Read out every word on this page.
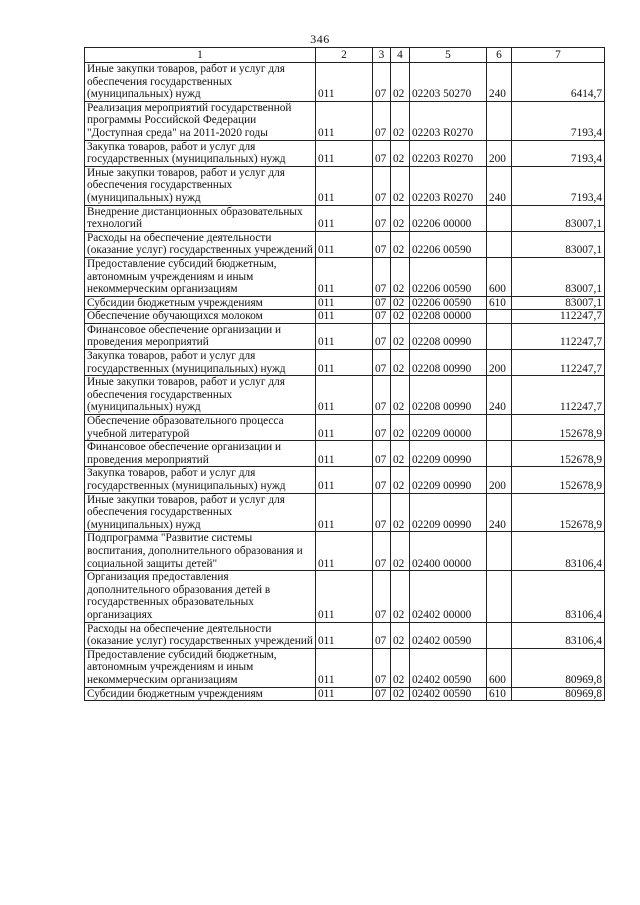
346
1	2	3	4	5	6	7
Иные закупки товаров, работ и услуг для обеспечения государственных (муниципальных) нужд	011	07	02	02203 50270	240	6414,7
Реализация мероприятий государственной программы Российской Федерации "Доступная среда" на 2011-2020 годы	011	07	02	02203 R0270		7193,4
Закупка товаров, работ и услуг для государственных (муниципальных) нужд	011	07	02	02203 R0270	200	7193,4
Иные закупки товаров, работ и услуг для обеспечения государственных (муниципальных) нужд	011	07	02	02203 R0270	240	7193,4
Внедрение дистанционных образовательных технологий	011	07	02	02206 00000		83007,1
Расходы на обеспечение деятельности (оказание услуг) государственных учреждений	011	07	02	02206 00590		83007,1
Предоставление субсидий бюджетным, автономным учреждениям и иным некоммерческим организациям	011	07	02	02206 00590	600	83007,1
Субсидии бюджетным учреждениям	011	07	02	02206 00590	610	83007,1
Обеспечение обучающихся молоком	011	07	02	02208 00000		112247,7
Финансовое обеспечение организации и проведения мероприятий	011	07	02	02208 00990		112247,7
Закупка товаров, работ и услуг для государственных (муниципальных) нужд	011	07	02	02208 00990	200	112247,7
Иные закупки товаров, работ и услуг для обеспечения государственных (муниципальных) нужд	011	07	02	02208 00990	240	112247,7
Обеспечение образовательного процесса учебной литературой	011	07	02	02209 00000		152678,9
Финансовое обеспечение организации и проведения мероприятий	011	07	02	02209 00990		152678,9
Закупка товаров, работ и услуг для государственных (муниципальных) нужд	011	07	02	02209 00990	200	152678,9
Иные закупки товаров, работ и услуг для обеспечения государственных (муниципальных) нужд	011	07	02	02209 00990	240	152678,9
Подпрограмма "Развитие системы воспитания, дополнительного образования и социальной защиты детей"	011	07	02	02400 00000		83106,4
Организация предоставления дополнительного образования детей в государственных образовательных организациях	011	07	02	02402 00000		83106,4
Расходы на обеспечение деятельности (оказание услуг) государственных учреждений	011	07	02	02402 00590		83106,4
Предоставление субсидий бюджетным, автономным учреждениям и иным некоммерческим организациям	011	07	02	02402 00590	600	80969,8
Субсидии бюджетным учреждениям	011	07	02	02402 00590	610	80969,8
